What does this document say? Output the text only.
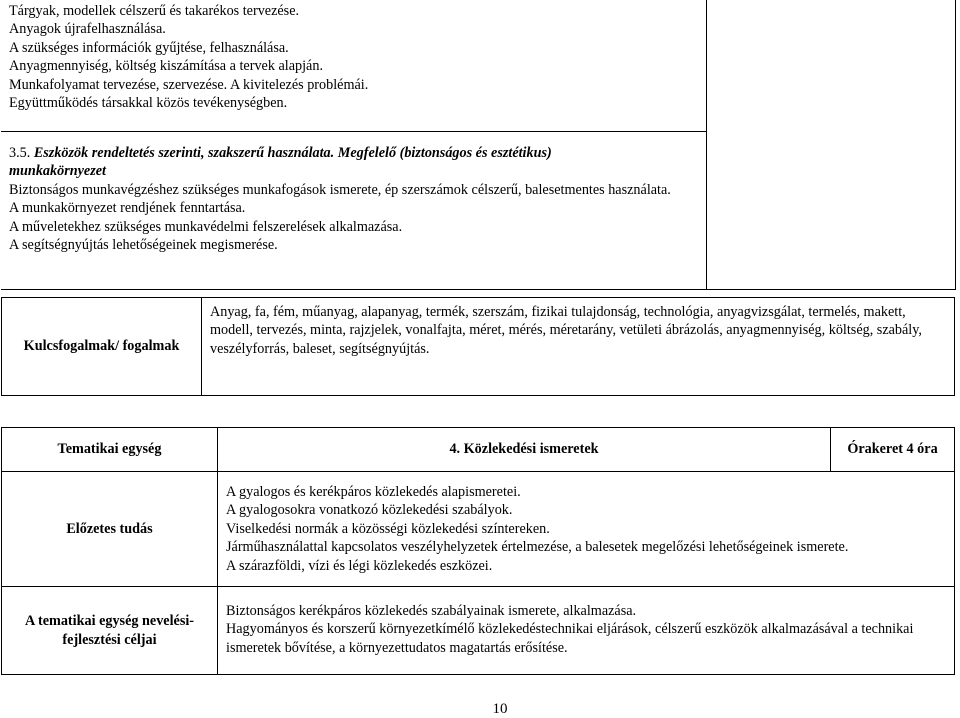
Tárgyak, modellek célszerű és takarékos tervezése.
Anyagok újrafelhasználása.
A szükséges információk gyűjtése, felhasználása.
Anyagmennyiség, költség kiszámítása a tervek alapján.
Munkafolyamat tervezése, szervezése. A kivitelezés problémái.
Együttműködés társakkal közös tevékenységben.
3.5. Eszközök rendeltetés szerinti, szakszerű használata. Megfelelő (biztonságos és esztétikus)
munkakörnyezet
Biztonságos munkavégzéshez szükséges munkafogások ismerete, ép szerszámok célszerű, balesetmentes használata.
A munkakörnyezet rendjének fenntartása.
A műveletekhez szükséges munkavédelmi felszerelések alkalmazása.
A segítségnyújtás lehetőségeinek megismerése.
Kulcsfogalmak/ fogalmak
Anyag, fa, fém, műanyag, alapanyag, termék, szerszám, fizikai tulajdonság, technológia, anyagvizsgálat, termelés, makett, modell, tervezés, minta, rajzjelek, vonalfajta, méret, mérés, méretarány, vetületi ábrázolás, anyagmennyiség, költség, szabály, veszélyforrás, baleset, segítségnyújtás.
Tematikai egység	4. Közlekedési ismeretek	Órakeret 4 óra
Előzetes tudás
A gyalogos és kerékpáros közlekedés alapismeretei.
A gyalogosokra vonatkozó közlekedési szabályok.
Viselkedési normák a közösségi közlekedési színtereken.
Járműhasználattal kapcsolatos veszélyhelyzetek értelmezése, a balesetek megelőzési lehetőségeinek ismerete.
A szárazföldi, vízi és légi közlekedés eszközei.
A tematikai egység nevelési-
fejlesztési céljai
Biztonságos kerékpáros közlekedés szabályainak ismerete, alkalmazása.
Hagyományos és korszerű környezetkímélő közlekedéstechnikai eljárások, célszerű eszközök alkalmazásával a technikai ismeretek bővítése, a környezettudatos magatartás erősítése.
10
